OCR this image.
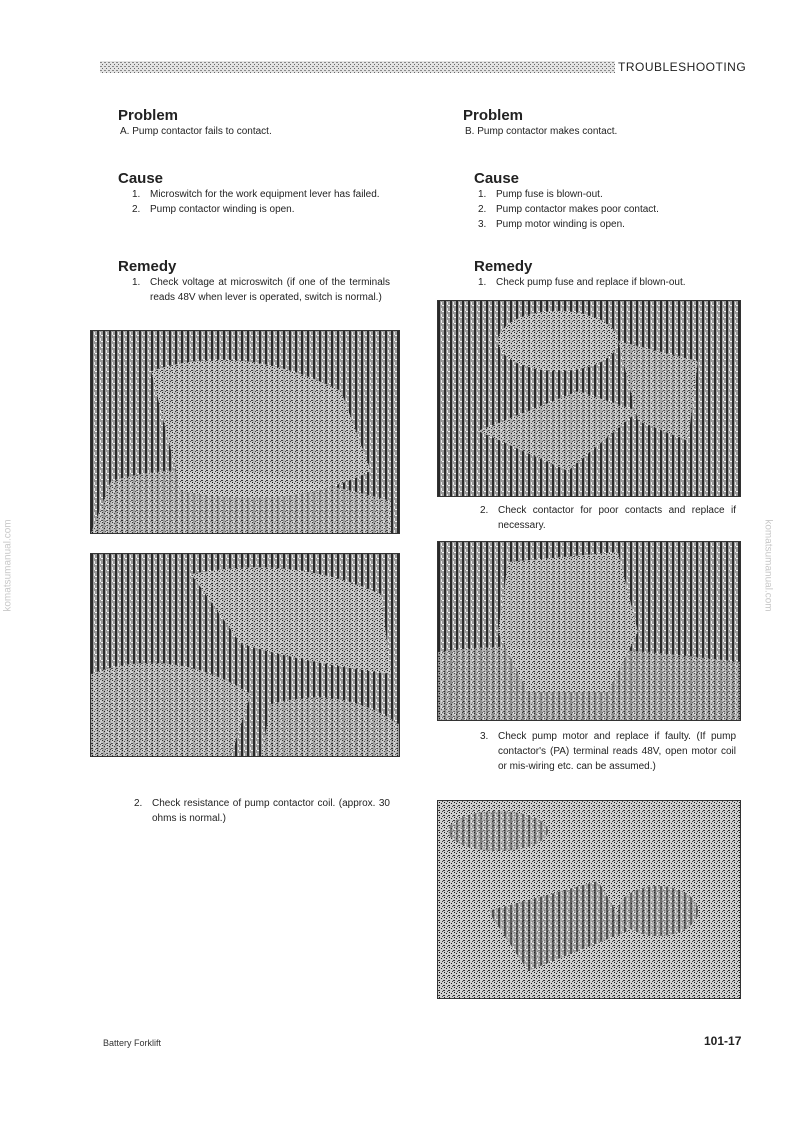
TROUBLESHOOTING
Problem
A. Pump contactor fails to contact.
Cause
1. Microswitch for the work equipment lever has failed.
2. Pump contactor winding is open.
Remedy
1. Check voltage at microswitch (if one of the terminals reads 48V when lever is operated, switch is normal.)
2. Check resistance of pump contactor coil. (approx. 30 ohms is normal.)
Problem
B. Pump contactor makes contact.
Cause
1. Pump fuse is blown-out.
2. Pump contactor makes poor contact.
3. Pump motor winding is open.
Remedy
1. Check pump fuse and replace if blown-out.
2. Check contactor for poor contacts and replace if necessary.
3. Check pump motor and replace if faulty. (If pump contactor's (PA) terminal reads 48V, open motor coil or mis-wiring etc. can be assumed.)
komatsumanual.com	komatsumanual.com
Battery Forklift	101-17
